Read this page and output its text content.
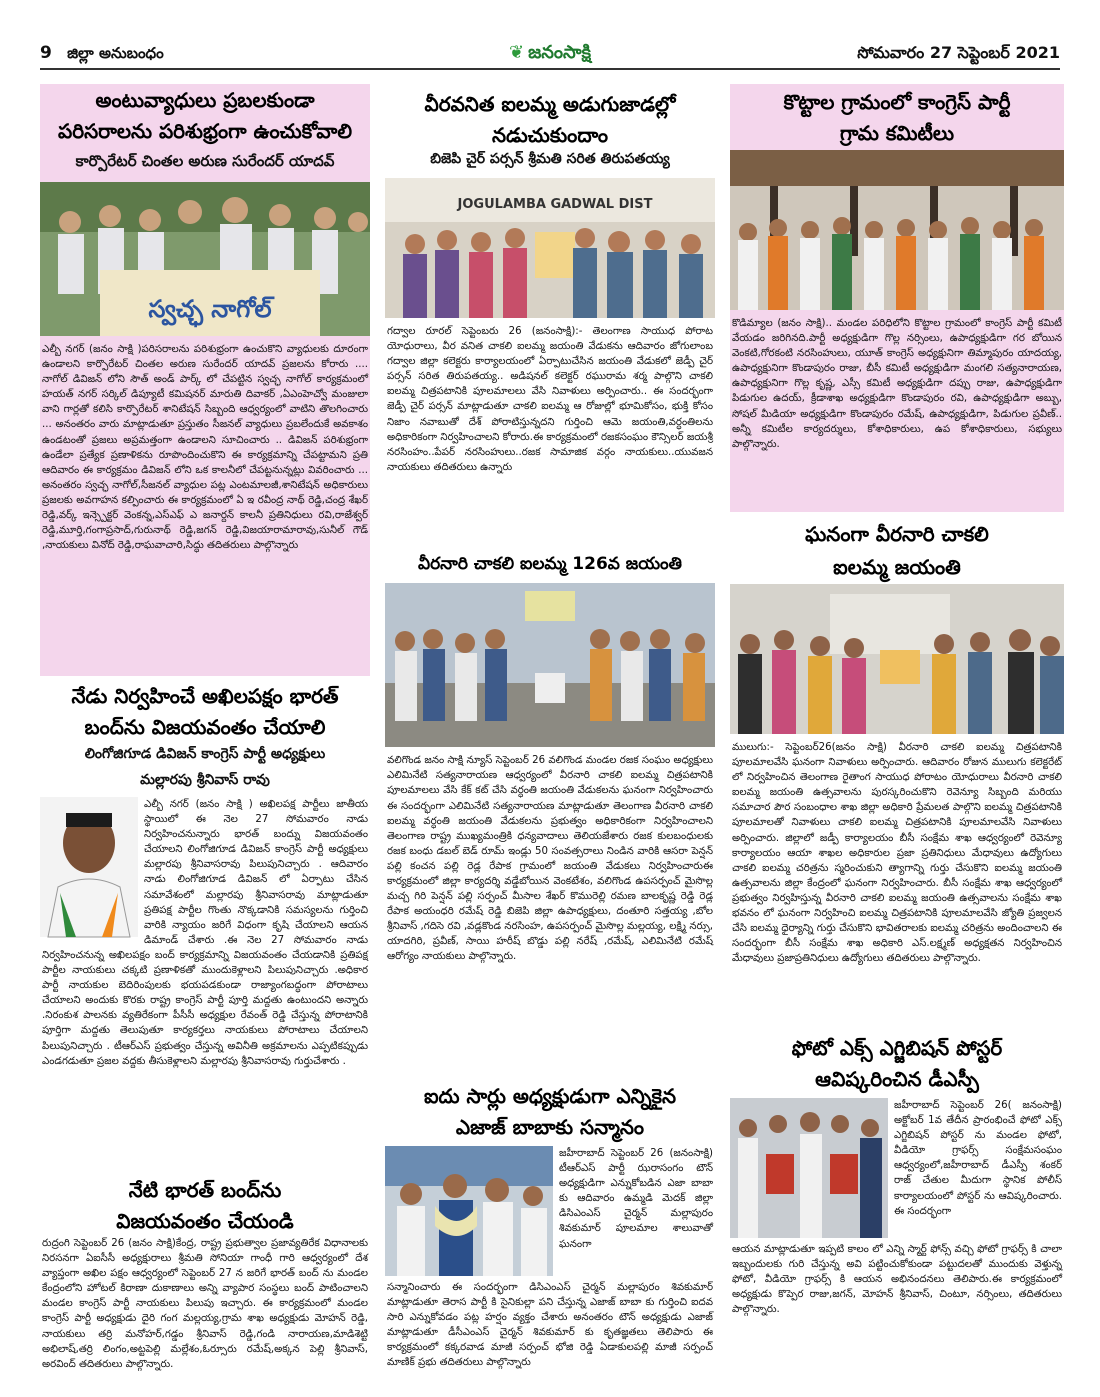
9 జిల్లా అనుబంధం	❦ జనంసాక్షి	సోమవారం 27 సెప్టెంబర్ 2021
అంటువ్యాధులు ప్రబలకుండా
పరిసరాలను పరిశుభ్రంగా ఉంచుకోవాలి
కార్పొరేటర్ చింతల అరుణ సురేందర్ యాదవ్
స్వచ్ఛ నాగోల్
ఎల్బీ నగర్ (జనం సాక్షి )పరిసరాలను పరిశుభ్రంగా ఉంచుకొని వ్యాధులకు దూరంగా ఉండాలని కార్పొరేటర్ చింతల అరుణ సురేందర్ యాదవ్ ప్రజలను కోరారు .... నాగోల్ డివిజన్ లోని సౌత్ అండ్ పార్క్ లో చేపట్టిన స్వచ్ఛ నాగోల్ కార్యక్రమంలో హయత్ నగర్ సర్కిల్ డిప్యూటీ కమిషనర్ మారుతి దివాకర్ ,ఏఎంహెచ్వో మంజులా వాని గార్లతో కలిసి కార్పొరేటర్ శానిటేషన్ సిబ్బంది ఆధ్వర్యంలో వాటిని తొలగించారు ... అనంతరం వారు మాట్లాడుతూ ప్రస్తుతం సీజనల్ వ్యాధులు ప్రబలేందుకే అవకాశం ఉండటంతో ప్రజలు అప్రమత్తంగా ఉండాలని సూచించారు .. డివిజన్ పరిశుభ్రంగా ఉండేలా ప్రత్యేక ప్రణాళికను రూపొందించుకొని ఈ కార్యక్రమాన్ని చేపట్టామని ప్రతి ఆదివారం ఈ కార్యక్రమం డివిజన్ లోని ఒక కాలనీలో చేపట్టనున్నట్లు వివరించారు ... అనంతరం స్వచ్ఛ నాగోల్,సీజనల్ వ్యాధుల పట్ల ఎంటమాలజీ,శానిటేషన్ అధికారులు ప్రజలకు అవగాహన కల్పించారు ఈ కార్యక్రమంలో ఏ ఇ రవీంద్ర నాథ్ రెడ్డి,చంద్ర శేఖర్ రెడ్డి,వర్క్ ఇన్స్పెక్టర్ వెంకన్న,ఎస్ఎఫ్ ఎ జనార్దన్ కాలనీ ప్రతినిధులు రవి,రాజేశ్వర్ రెడ్డి,మూర్తి,గంగాప్రసాద్,గురునాథ్ రెడ్డి,జగన్ రెడ్డి,విజయారామారావు,సునీల్ గౌడ్ ,నాయకులు వినోద్ రెడ్డి,రాఘవాచారి,సిద్ధు తదితరులు పాల్గొన్నారు
నేడు నిర్వహించే అఖిలపక్షం భారత్
బంద్‌ను విజయవంతం చేయాలి
లింగోజిగూడ డివిజన్ కాంగ్రెస్ పార్టీ అధ్యక్షులు
మల్లారపు శ్రీనివాస్ రావు
ఎల్బీ నగర్ (జనం సాక్షి ) అఖిలపక్ష పార్టీలు జాతీయ స్థాయిలో ఈ నెల 27 సోమవారం నాడు నిర్వహించనున్నారు భారత్ బంద్ను విజయవంతం చేయాలని లింగోజిగూడ డివిజన్ కాంగ్రెస్ పార్టీ అధ్యక్షులు మల్లారపు శ్రీనివాసరావు పిలుపునిచ్చారు . ఆదివారం నాడు లింగోజిగూడ డివిజన్ లో ఏర్పాటు చేసిన సమావేశంలో మల్లారపు శ్రీనివాసరావు మాట్లాడుతూ ప్రతిపక్ష పార్టీల గొంతు నొక్కడానికి సమస్యలను గుర్తించి వారికి న్యాయం జరిగే విధంగా కృషి చేయాలని ఆయన డిమాండ్ చేశారు .ఈ నెల 27 సోమవారం నాడు నిర్వహించనున్న అఖిలపక్షం బంద్ కార్యక్రమాన్ని విజయవంతం చేయడానికి ప్రతిపక్ష పార్టీల నాయకులు చక్కటి ప్రణాళికతో ముందుకెళ్లాలని పిలుపునిచ్చారు .అధికార పార్టీ నాయకుల బెదిరింపులకు భయపడకుండా రాజ్యాంగబద్ధంగా పోరాటాలు చేయాలని అందుకు కొరకు రాష్ట్ర కాంగ్రెస్ పార్టీ పూర్తి మద్దతు ఉంటుందని అన్నారు .నిరంకుశ పాలనకు వ్యతిరేకంగా పీసీసీ అధ్యక్షుల రేవంత్ రెడ్డి చేస్తున్న పోరాటానికి పూర్తిగా మద్దతు తెలుపుతూ కార్యకర్తలు నాయకులు పోరాటాలు చేయాలని పిలుపునిచ్చారు . టీఆర్ఎస్ ప్రభుత్వం చేస్తున్న అవినీతి అక్రమాలను ఎప్పటికప్పుడు ఎండగడుతూ ప్రజల వద్దకు తీసుకెళ్లాలని మల్లారపు శ్రీనివాసరావు గుర్తుచేశారు .
నేటి భారత్ బంద్‌ను
విజయవంతం చేయండి
రుద్రంగి సెప్టెంబర్ 26 (జనం సాక్షి)కేంద్ర, రాష్ట్ర ప్రభుత్వాల ప్రజావ్యతిరేక విధానాలకు నిరసనగా ఏఐసీసీ అధ్యక్షురాలు శ్రీమతి సోనియా గాంధీ గారి ఆధ్వర్యంలో దేశ వ్యాప్తంగా అఖిల పక్షం ఆధ్వర్యంలో సెప్టెంబర్ 27 న జరిగే భారత్ బంద్ ను మండల కేంద్రంలోని హోటల్ కిరాణా దుకాణాలు అన్ని వ్యాపార సంస్థలు బంద్ పాటించాలని మండల కాంగ్రెస్ పార్టీ నాయకులు పిలుపు ఇచ్చారు. ఈ కార్యక్రమంలో మండల కాంగ్రెస్ పార్టీ అధ్యక్షుడు దైరి గంగ మల్లయ్య,గ్రామ శాఖ అధ్యక్షుడు మోహన్ రెడ్డి, నాయకులు తర్రి మనోహర్,గడ్డం శ్రీనివాస్ రెడ్డి,గండి నారాయణ,మాడిశెట్టి అభిలాష్,తర్రి లింగం,అట్టపెల్లి మల్లేశం,ఓర్సూరు రమేష్,అక్కన పెల్లి శ్రీనివాస్, అరవింద్ తదితరులు పాల్గొన్నారు.
వీరవనిత ఐలమ్మ అడుగుజాడల్లో
నడుచుకుందాం
బిజెపి చైర్ పర్సన్ శ్రీమతి సరిత తిరుపతయ్య
JOGULAMBA GADWAL DIST
గద్వాల రూరల్ సెప్టెంబరు 26 (జనంసాక్షి):- తెలంగాణ సాయుధ పోరాట యోధురాలు, వీర వనిత చాకలి ఐలమ్మ జయంతి వేడుకను ఆదివారం జోగులాంబ గద్వాల జిల్లా కలెక్టరు కార్యాలయంలో ఏర్పాటుచేసిన జయంతి వేడుకలో జెడ్పీ చైర్ పర్సన్ సరిత తిరుపతయ్య.. అడిషనల్ కలెక్టర్ రఘురామ శర్మ పాల్గొని చాకలి ఐలమ్మ చిత్రపటానికి పూలమాలలు వేసి నివాళులు అర్పించారు.. ఈ సందర్భంగా జెడ్పీ చైర్ పర్సన్ మాట్లాడుతూ చాకలి ఐలమ్మ ఆ రోజుల్లో భూమికోసం, భుక్తి కోసం నిజాం నవాబుతో దేశ్ పోరాటిస్తున్నదని గుర్తించి ఆమె జయంతి,వర్ధంతిలను అధికారికంగా నిర్వహించాలని కోరారు.ఈ కార్యక్రమంలో రజకసంఘం కౌన్సిలర్ జయశ్రీ నరసింహం..పేపర్ నరసింహులు..రజక సామాజిక వర్గం నాయకులు..యువజన నాయకులు తదితరులు ఉన్నారు
వీరనారి చాకలి ఐలమ్మ 126వ జయంతి
వలిగొండ జనం సాక్షి న్యూస్ సెప్టెంబర్ 26 వలిగొండ మండల రజక సంఘం అధ్యక్షులు ఎలిమినేటి సత్యనారాయణ ఆధ్వర్యంలో వీరనారి చాకలి ఐలమ్మ చిత్రపటానికి పూలమాలలు వేసి కేక్ కట్ చేసి వర్ధంతి జయంతి వేడుకలను ఘనంగా నిర్వహించారు ఈ సందర్భంగా ఎలిమినేటి సత్యనారాయణ మాట్లాడుతూ తెలంగాణ వీరనారి చాకలి ఐలమ్మ వర్ధంతి జయంతి వేడుకలను ప్రభుత్వం అధికారికంగా నిర్వహించాలని తెలంగాణ రాష్ట్ర ముఖ్యమంత్రికి ధన్యవాదాలు తెలియజేశారు రజక కులబంధులకు రజక బంధు డబల్ బెడ్ రూమ్ ఇండ్లు 50 సంవత్సరాలు నిండిన వారికి ఆసరా పెన్షన్ పల్లి కంచన పల్లి రెడ్ల రేపాక గ్రామంలో జయంతి వేడుకలు నిర్వహించారుఈ కార్యక్రమంలో జిల్లా కార్యదర్శి వడ్డేబోయిన వెంకటేశం, వలిగొండ ఉపసర్పంచ్ మైసొల్ల మచ్చ గిరి పెన్షన్ పల్లి సర్పంచ్ మీసాల శేఖర్ కొమురెల్లి రమణ బాలకృష్ణ రెడ్డి రెడ్ల రేపాక అయంధరి రమేష్ రెడ్డి బిజెపి జిల్లా ఉపాధ్యక్షులు, దంతూరి సత్తయ్య ,బోల శ్రీనివాస్ ,గదిసె రవి ,వడ్లకొండ నరసింహ, ఉపసర్పంచ్ మైసొల్ల మల్లయ్య, లక్ష్మి నర్సు, యాదగిరి, ప్రవీణ్, సాయి హరీష్ బొడ్డు పల్లి నరేష్ ,రమేష్, ఎలిమినేటి రమేష్ ఆరోగ్యం నాయకులు పాల్గొన్నారు.
ఐదు సార్లు అధ్యక్షుడుగా ఎన్నికైన
ఎజాజ్ బాబాకు సన్మానం
జహీరాబాద్ సెప్టెంబర్ 26 (జనంసాక్షి) టీఆర్ఎస్ పార్టీ ఝరాసంగం టౌన్ అధ్యక్షుడిగా ఎన్నుకోబడిన ఎజా బాబా కు ఆదివారం ఉమ్మడి మెదక్ జిల్లా డిసిఎంఎస్ చైర్మన్ మల్లాపురం శివకుమార్ పూలమాల శాలువాతో ఘనంగా
సన్మానించారు ఈ సందర్భంగా డిసిఎంఎస్ చైర్మన్ మల్లాపురం శివకుమార్ మాట్లాడుతూ తెరాస పార్టీ కి సైనికుల్లా పని చేస్తున్న ఎజాజ్ బాబా కు గుర్తించి ఐదవ సారి ఎన్నుకోవడం పట్ల హర్షం వ్యక్తం చేశారు అనంతరం టౌన్ అధ్యక్షుడు ఎజాజ్ మాట్లాడుతూ డీసీఎంఎస్ చైర్మన్ శివకుమార్ కు కృతజ్ఞతలు తెలిపారు ఈ కార్యక్రమంలో కక్కరవాడ మాజీ సర్పంచ్ భోజి రెడ్డి ఏడాకులపల్లి మాజీ సర్పంచ్ మాణిక్ ప్రభు తదితరులు పాల్గొన్నారు
కొట్టాల గ్రామంలో కాంగ్రెస్ పార్టీ
గ్రామ కమిటీలు
కొడిమ్యాల (జనం సాక్షి).. మండల పరిధిలోని కొట్టాల గ్రామంలో కాంగ్రెస్ పార్టీ కమిటీ వేయడం జరిగినది.పార్టీ అధ్యక్షుడిగా గొల్ల నర్సింలు, ఉపాధ్యక్షుడిగా గర బోయిన వెంకటి,గోరకంటి నరసింహులు, యూత్ కాంగ్రెస్ అధ్యక్షునిగా తిమ్మాపురం యాదయ్య, ఉపాధ్యక్షునిగా కొండాపురం రాజు, బీసీ కమిటీ అధ్యక్షుడిగా మంగలి సత్యనారాయణ, ఉపాధ్యక్షునిగా గొల్ల కృష్ణ, ఎస్సీ కమిటీ అధ్యక్షుడిగా దప్పు రాజు, ఉపాధ్యక్షుడిగా పిడుగుల ఉదయ్, క్రీడాశాఖ అధ్యక్షుడిగా కొండాపురం రవి, ఉపాధ్యక్షుడిగా అబ్బు, సోషల్ మీడియా అధ్యక్షుడిగా కొండాపురం రమేష్, ఉపాధ్యక్షుడిగా, పిడుగుల ప్రవీణ్.. అన్నీ కమిటీల కార్యదర్శులు, కోశాధికారులు, ఉప కోశాధికారులు, సభ్యులు పాల్గొన్నారు.
ఘనంగా వీరనారి చాకలి
ఐలమ్మ జయంతి
ములుగు:- సెప్టెంబర్26(జనం సాక్షి) వీరనారి చాకలి ఐలమ్మ చిత్రపటానికి పూలమాలవేసి ఘనంగా నివాళులు అర్పించారు. ఆదివారం రోజున ములుగు కలెక్టరేట్ లో నిర్వహించిన తెలంగాణ రైతాంగ సాయుధ పోరాటం యోధురాలు వీరనారి చాకలి ఐలమ్మ జయంతి ఉత్సవాలను పురస్కరించుకొని రెవెన్యూ సిబ్బంది మరియు సమాచార పౌర సంబంధాల శాఖ జిల్లా అధికారి ప్రేమలత పాల్గొని ఐలమ్మ చిత్రపటానికి పూలమాలతో నివాళులు చాకలి ఐలమ్మ చిత్రపటానికి పూలమాలవేసి నివాళులు అర్పించారు. జిల్లాలో జడ్పీ కార్యాలయం బీసీ సంక్షేమ శాఖ ఆధ్వర్యంలో రెవెన్యూ కార్యాలయం ఆయా శాఖల అధికారుల ప్రజా ప్రతినిధులు మేధావులు ఉద్యోగులు చాకలి ఐలమ్మ చరిత్రను స్మరించుకుని త్యాగాన్ని గుర్తు చేసుకొని ఐలమ్మ జయంతి ఉత్సవాలను జిల్లా కేంద్రంలో ఘనంగా నిర్వహించారు. బీసీ సంక్షేమ శాఖ ఆధ్వర్యంలో ప్రభుత్వం నిర్వహిస్తున్న వీరనారి చాకలి ఐలమ్మ జయంతి ఉత్సవాలను సంక్షేమ శాఖ భవనం లో ఘనంగా నిర్వహించి ఐలమ్మ చిత్రపటానికి పూలమాలవేసి జ్యోతి ప్రజ్వలన చేసి ఐలమ్మ ధైర్యాన్ని గుర్తు చేసుకొని భావితరాలకు ఐలమ్మ చరిత్రను అందించాలని ఈ సందర్భంగా బీసీ సంక్షేమ శాఖ అధికారి ఎస్.లక్ష్మణ్ అధ్యక్షతన నిర్వహించిన మేధావులు ప్రజాప్రతినిధులు ఉద్యోగులు తదితరులు పాల్గొన్నారు.
ఫోటో ఎక్స్ ఎగ్జిబిషన్ పోస్టర్
ఆవిష్కరించిన డీఎస్పీ
జహీరాబాద్ సెప్టెంబర్ 26( జనంసాక్షి) అక్టోబర్ 1వ తేదీన ప్రారంభించే ఫోటో ఎక్స్ ఎగ్జిబిషన్ పోస్టర్ ను మండల ఫోటో, వీడియో గ్రాఫర్స్ సంక్షేమసంఘం ఆధ్వర్యంలో,జహీరాబాద్ డీఎస్పీ శంకర్ రాజ్ చేతుల మీదుగా స్థానిక పోలీస్ కార్యాలయంలో పోస్టర్ ను ఆవిష్కరించారు. ఈ సందర్భంగా
ఆయన మాట్లాడుతూ ఇప్పటి కాలం లో ఎన్ని స్మార్ట్ ఫోన్స్ వచ్చి ఫోటో గ్రాఫర్స్ కి చాలా ఇబ్బందులకు గురి చేస్తున్న అవి పట్టించుకోకుండా పట్టుదలతో ముందుకు వెళ్తున్న ఫోటో, వీడియో గ్రాఫర్స్ కి ఆయన అభినందనలు తెలిపారు.ఈ కార్యక్రమంలో అధ్యక్షుడు కొప్పెర రాజు,జగన్, మోహన్ శ్రీనివాస్, చింటూ, నర్సింలు, తదితరులు పాల్గొన్నారు.
